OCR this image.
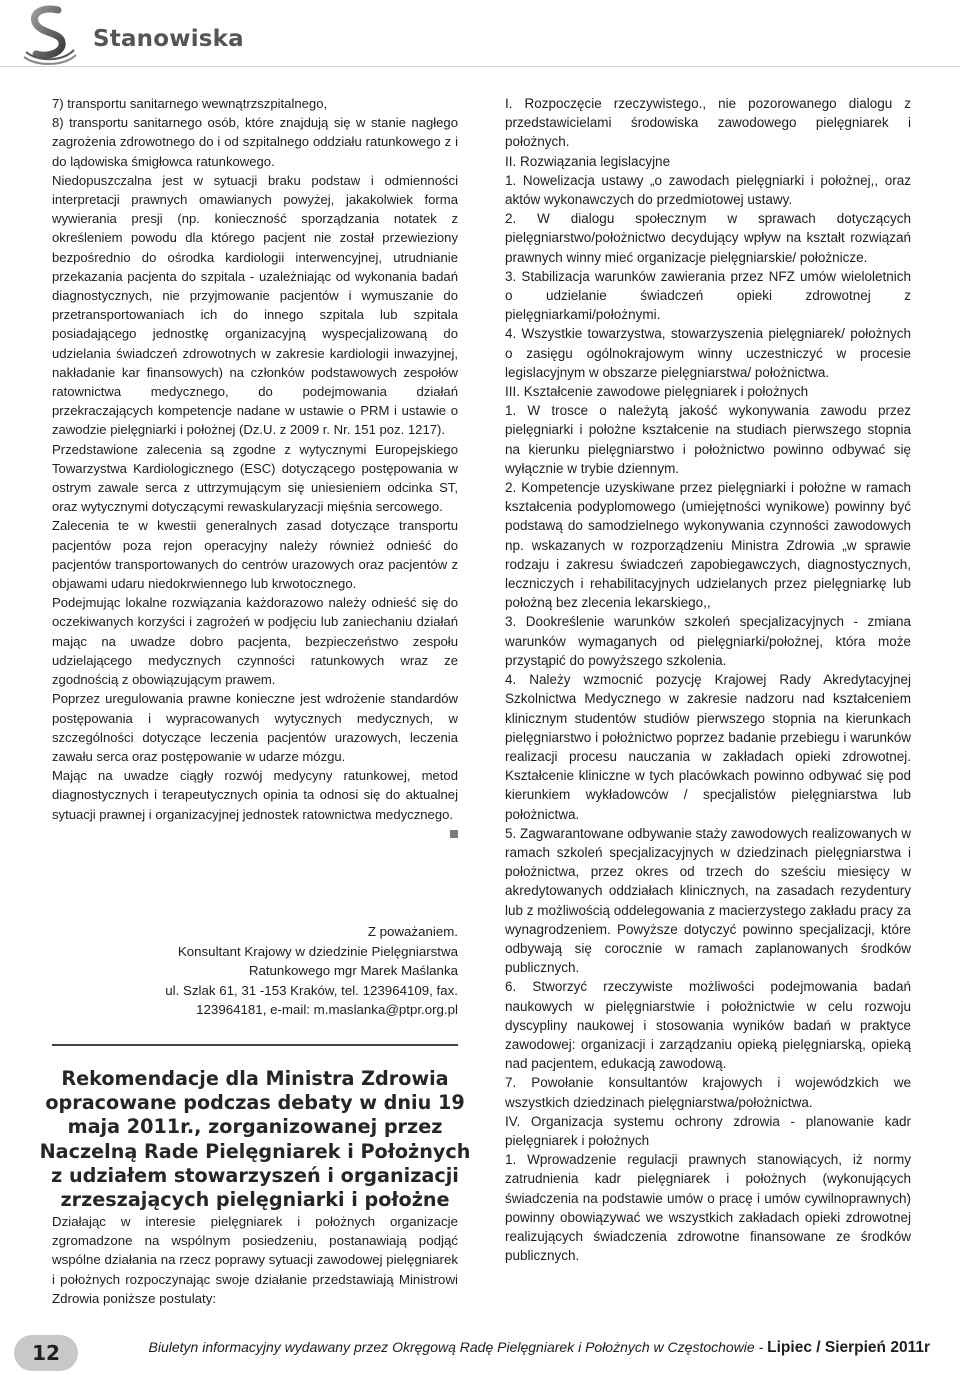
Stanowiska

7) transportu sanitarnego wewnątrzszpitalnego,
8) transportu sanitarnego osób, które znajdują się w stanie nagłego zagrożenia zdrowotnego do i od szpitalnego oddziału ratunkowego z i do lądowiska śmigłowca ratunkowego.

Niedopuszczalna jest w sytuacji braku podstaw i odmienności interpretacji prawnych omawianych powyżej, jakakolwiek forma wywierania presji (np. konieczność sporządzania notatek z określeniem powodu dla którego pacjent nie został przewieziony bezpośrednio do ośrodka kardiologii interwencyjnej, utrudnianie przekazania pacjenta do szpitala - uzależniając od wykonania badań diagnostycznych, nie przyjmowanie pacjentów i wymuszanie do przetransportowaniach ich do innego szpitala lub szpitala posiadającego jednostkę organizacyjną wyspecjalizowaną do udzielania świadczeń zdrowotnych w zakresie kardiologii inwazyjnej, nakładanie kar finansowych) na członków podstawowych zespołów ratownictwa medycznego, do podejmowania działań przekraczających kompetencje nadane w ustawie o PRM i ustawie o zawodzie pielęgniarki i położnej (Dz.U. z 2009 r. Nr. 151 poz. 1217).

Przedstawione zalecenia są zgodne z wytycznymi Europejskiego Towarzystwa Kardiologicznego (ESC) dotyczącego postępowania w ostrym zawale serca z uttrzymującym się uniesieniem odcinka ST, oraz wytycznymi dotyczącymi rewaskularyzacji mięśnia sercowego.

Zalecenia te w kwestii generalnych zasad dotyczące transportu pacjentów poza rejon operacyjny należy również odnieść do pacjentów transportowanych do centrów urazowych oraz pacjentów z objawami udaru niedokrwiennego lub krwotocznego.

Podejmując lokalne rozwiązania każdorazowo należy odnieść się do oczekiwanych korzyści i zagrożeń w podjęciu lub zaniechaniu działań mając na uwadze dobro pacjenta, bezpieczeństwo zespołu udzielającego medycznych czynności ratunkowych wraz ze zgodnością z obowiązującym prawem.

Poprzez uregulowania prawne konieczne jest wdrożenie standardów postępowania i wypracowanych wytycznych medycznych, w szczególności dotyczące leczenia pacjentów urazowych, leczenia zawału serca oraz postępowanie w udarze mózgu.

Mając na uwadze ciągły rozwój medycyny ratunkowej, metod diagnostycznych i terapeutycznych opinia ta odnosi się do aktualnej sytuacji prawnej i organizacyjnej jednostek ratownictwa medycznego.

Z poważaniem.
Konsultant Krajowy w dziedzinie Pielęgniarstwa
Ratunkowego mgr Marek Maślanka
ul. Szlak 61, 31 -153 Kraków, tel. 123964109, fax.
123964181, e-mail: m.maslanka@ptpr.org.pl
Rekomendacje dla Ministra Zdrowia opracowane podczas debaty w dniu 19 maja 2011r., zorganizowanej przez Naczelną Rade Pielęgniarek i Położnych z udziałem stowarzyszeń i organizacji zrzeszających pielęgniarki i położne

Działając w interesie pielęgniarek i położnych organizacje zgromadzone na wspólnym posiedzeniu, postanawiają podjąć wspólne działania na rzecz poprawy sytuacji zawodowej pielęgniarek i położnych rozpoczynając swoje działanie przedstawiają Ministrowi Zdrowia poniższe postulaty:

I. Rozpoczęcie rzeczywistego., nie pozorowanego dialogu z przedstawicielami środowiska zawodowego pielęgniarek i położnych.

II. Rozwiązania legislacyjne

1. Nowelizacja ustawy „o zawodach pielęgniarki i położnej,, oraz aktów wykonawczych do przedmiotowej ustawy.

2. W dialogu społecznym w sprawach dotyczących pielęgniarstwo/położnictwo decydujący wpływ na kształt rozwiązań prawnych winny mieć organizacje pielęgniarskie/ położnicze.

3. Stabilizacja warunków zawierania przez NFZ umów wieloletnich o udzielanie świadczeń opieki zdrowotnej z pielęgniarkami/położnymi.

4. Wszystkie towarzystwa, stowarzyszenia pielęgniarek/ położnych o zasięgu ogólnokrajowym winny uczestniczyć w procesie legislacyjnym w obszarze pielęgniarstwa/ położnictwa.

III. Kształcenie zawodowe pielęgniarek i położnych

1. W trosce o należytą jakość wykonywania zawodu przez pielęgniarki i położne kształcenie na studiach pierwszego stopnia na kierunku pielęgniarstwo i położnictwo powinno odbywać się wyłącznie w trybie dziennym.

2. Kompetencje uzyskiwane przez pielęgniarki i położne w ramach kształcenia podyplomowego (umiejętności wynikowe) powinny być podstawą do samodzielnego wykonywania czynności zawodowych np. wskazanych w rozporządzeniu Ministra Zdrowia „w sprawie rodzaju i zakresu świadczeń zapobiegawczych, diagnostycznych, leczniczych i rehabilitacyjnych udzielanych przez pielęgniarkę lub położną bez zlecenia lekarskiego,,

3. Dookreślenie warunków szkoleń specjalizacyjnych - zmiana warunków wymaganych od pielęgniarki/położnej, która może przystąpić do powyższego szkolenia.

4. Należy wzmocnić pozycję Krajowej Rady Akredytacyjnej Szkolnictwa Medycznego w zakresie nadzoru nad kształceniem klinicznym studentów studiów pierwszego stopnia na kierunkach pielęgniarstwo i położnictwo poprzez badanie przebiegu i warunków realizacji procesu nauczania w zakładach opieki zdrowotnej. Kształcenie kliniczne w tych placówkach powinno odbywać się pod kierunkiem wykładowców / specjalistów pielęgniarstwa lub położnictwa.

5. Zagwarantowane odbywanie staży zawodowych realizowanych w ramach szkoleń specjalizacyjnych w dziedzinach pielęgniarstwa i położnictwa, przez okres od trzech do sześciu miesięcy w akredytowanych oddziałach klinicznych, na zasadach rezydentury lub z możliwością oddelegowania z macierzystego zakładu pracy za wynagrodzeniem. Powyższe dotyczyć powinno specjalizacji, które odbywają się corocznie w ramach zaplanowanych środków publicznych.

6. Stworzyć rzeczywiste możliwości podejmowania badań naukowych w pielęgniarstwie i położnictwie w celu rozwoju dyscypliny naukowej i stosowania wyników badań w praktyce zawodowej: organizacji i zarządzaniu opieką pielęgniarską, opieką nad pacjentem, edukacją zawodową.

7. Powołanie konsultantów krajowych i wojewódzkich we wszystkich dziedzinach pielęgniarstwa/położnictwa.

IV. Organizacja systemu ochrony zdrowia - planowanie kadr pielęgniarek i położnych

1. Wprowadzenie regulacji prawnych stanowiących, iż normy zatrudnienia kadr pielęgniarek i położnych (wykonujących świadczenia na podstawie umów o pracę i umów cywilnoprawnych) powinny obowiązywać we wszystkich zakładach opieki zdrowotnej realizujących świadczenia zdrowotne finansowane ze środków publicznych.

12	Biuletyn informacyjny wydawany przez Okręgową Radę Pielęgniarek i Położnych w Częstochowie - Lipiec / Sierpień 2011r
